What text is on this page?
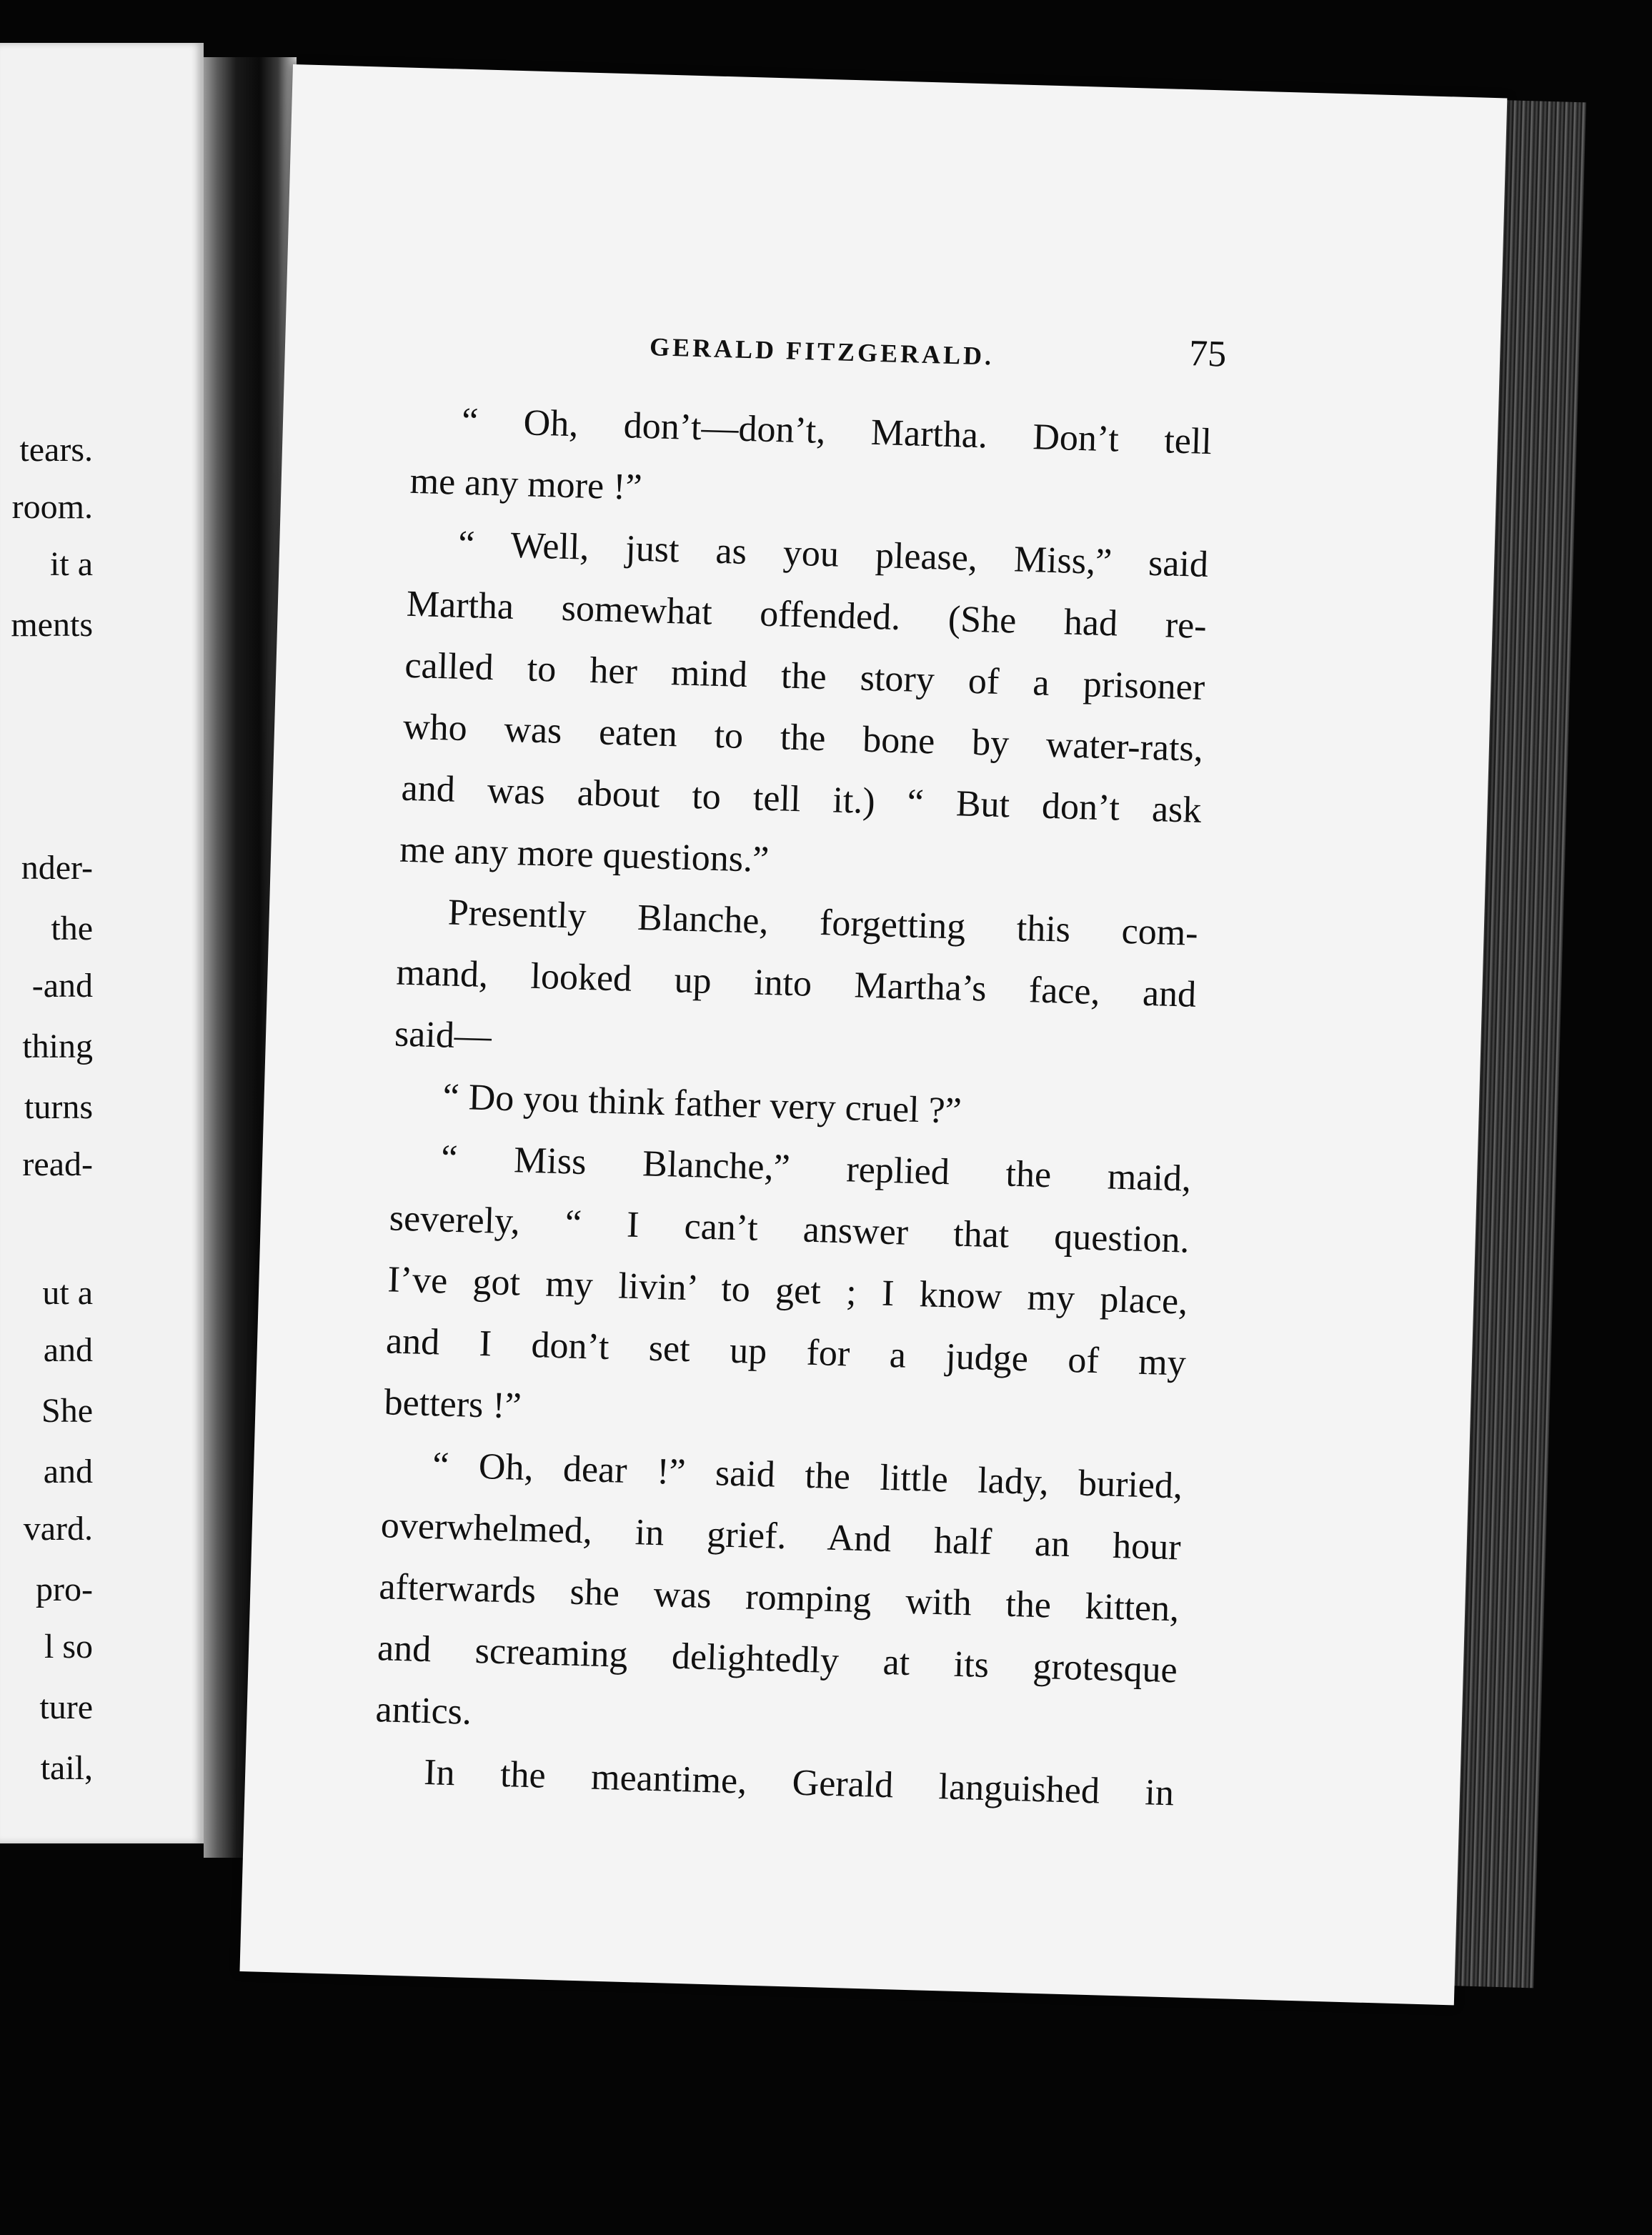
tears.
room.
it a
ments
nder-
the
-and
thing
turns
read-
ut a
and
She
and
vard.
pro-
l so
ture
tail,
GERALD FITZGERALD.	75
“ Oh, don’t—don’t, Martha. Don’t tell
me any more !”
“ Well, just as you please, Miss,” said
Martha somewhat offended. (She had re-
called to her mind the story of a prisoner
who was eaten to the bone by water-rats,
and was about to tell it.) “ But don’t ask
me any more questions.”
Presently Blanche, forgetting this com-
mand, looked up into Martha’s face, and
said—
“ Do you think father very cruel ?”
“ Miss Blanche,” replied the maid,
severely, “ I can’t answer that question.
I’ve got my livin’ to get ; I know my place,
and I don’t set up for a judge of my
betters !”
“ Oh, dear !” said the little lady, buried,
overwhelmed, in grief. And half an hour
afterwards she was romping with the kitten,
and screaming delightedly at its grotesque
antics.
In the meantime, Gerald languished in
